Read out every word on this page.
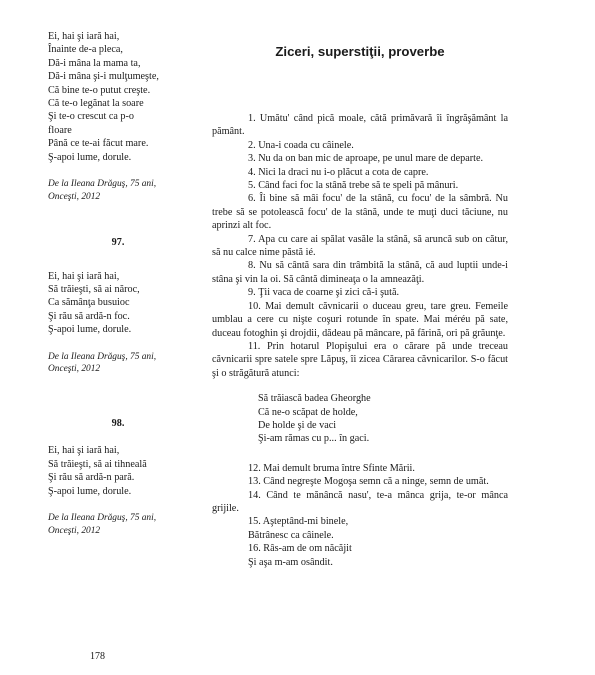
Ei, hai şi iară hai,
Înainte de-a pleca,
Dă-i mâna la mama ta,
Dă-i mâna şi-i mulţumeşte,
Că bine te-o putut creşte.
Că te-o legănat la soare
Şi te-o crescut ca p-o
floare
Până ce te-ai făcut mare.
Ş-apoi lume, dorule.
De la Ileana Drăguş, 75 ani,
Onceşti, 2012
97.
Ei, hai şi iară hai,
Să trăieşti, să ai năroc,
Ca sămânţa busuioc
Şi rău să ardă-n foc.
Ş-apoi lume, dorule.
De la Ileana Drăguş, 75 ani,
Onceşti, 2012
98.
Ei, hai şi iară hai,
Să trăieşti, să ai tihnealã
Şi rău să ardă-n pară.
Ş-apoi lume, dorule.
De la Ileana Drăguş, 75 ani,
Onceşti, 2012
Ziceri, superstiţii, proverbe

1. Umătu' când pică moale, cătă primăvară îi îngrăşământ la pământ.

2. Una-i coada cu câinele.

3. Nu da on ban mic de aproape, pe unul mare de departe.

4. Nici la draci nu i-o plăcut a cota de capre.

5. Când faci foc la stână trebe să te speli pă mânuri.

6. Îi bine să mâi focu' de la stână, cu focu' de la sâmbră. Nu trebe să se potolească focu' de la stână, unde te muţi duci tăciune, nu aprinzi alt foc.

7. Apa cu care ai spălat vasăle la stână, să aruncă sub on cătur, să nu calce nime păstă ié.

8. Nu să cântă sara din trâmbită la stână, că aud luptii unde-i stâna şi vin la oi. Să cântă dimineaţa o la amneazăţi.

9. Ţii vaca de coarne şi zici că-i şută.

10. Mai demult căvnicarii o duceau greu, tare greu. Femeile umblau a cere cu nişte coşuri rotunde în spate. Mai méréu pă sate, duceau fotoghin şi drojdii, dădeau pă mâncare, pă fărină, ori pă grăunţe.

11. Prin hotarul Plopişului era o cărare pă unde treceau căvnicarii spre satele spre Lăpuş, îi zicea Cărarea căvnicarilor. S-o făcut şi o străgătură atunci:

Să trăiască badea Gheorghe
Că ne-o scăpat de holde,
De holde şi de vaci
Şi-am rămas cu p... în gaci.

12. Mai demult bruma între Sfinte Mării.

13. Când negreşte Mogoşa semn că a ninge, semn de umăt.

14. Când te mănâncă nasu', te-a mânca grija, te-or mânca grijile.

15. Aşteptând-mi binele,
Bătrânesc ca câinele.
16. Râs-am de om năcăjit
Şi aşa m-am osândit.
178
